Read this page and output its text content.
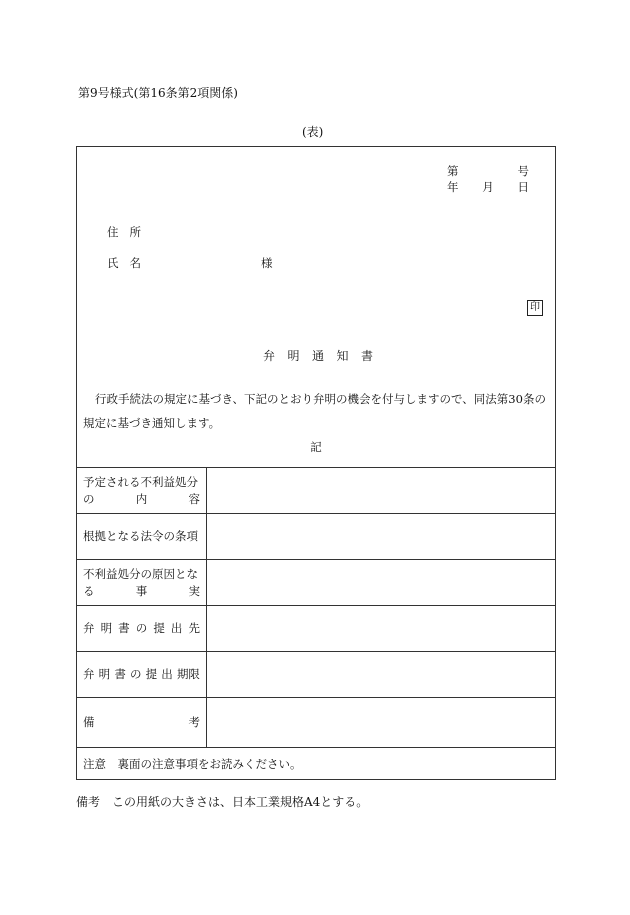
第9号様式(第16条第2項関係)
(表)
第	号
年 月 日
住 所
氏 名	様
印
弁 明 通 知 書
行政手続法の規定に基づき、下記のとおり弁明の機会を付与しますので、同法第30条の
規定に基づき通知します。
記
予定される不利益処分
の	内	容
根拠となる法令の条項
不利益処分の原因とな
る	事	実
弁 明 書 の 提 出 先
弁 明 書 の 提 出 期限
備	考
注意　裏面の注意事項をお読みください。
備考　この用紙の大きさは、日本工業規格A4とする。
